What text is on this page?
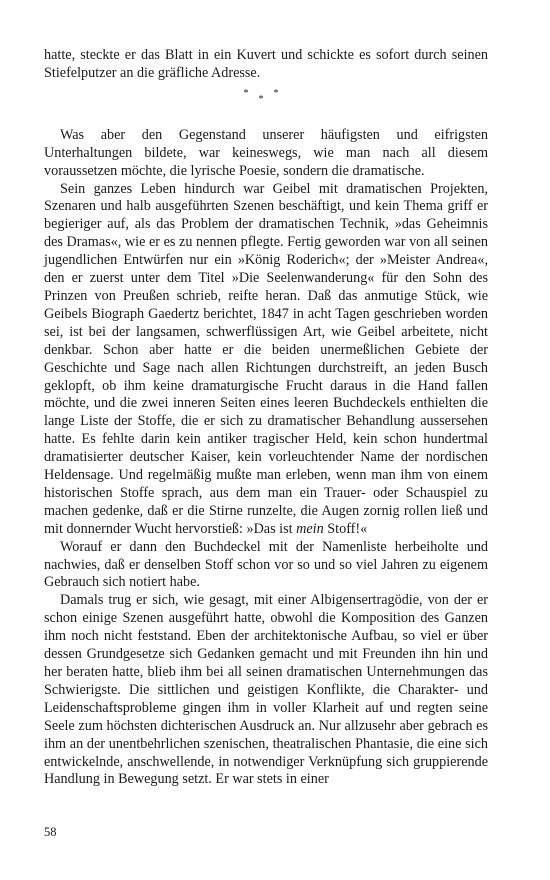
hatte, steckte er das Blatt in ein Kuvert und schickte es sofort durch seinen Stiefelputzer an die gräfliche Adresse.

***

Was aber den Gegenstand unserer häufigsten und eifrigsten Unterhaltungen bildete, war keineswegs, wie man nach all diesem voraussetzen möchte, die lyrische Poesie, sondern die dramatische.

Sein ganzes Leben hindurch war Geibel mit dramatischen Projekten, Szenaren und halb ausgeführten Szenen beschäftigt, und kein Thema griff er begieriger auf, als das Problem der dramatischen Technik, »das Geheimnis des Dramas«, wie er es zu nennen pflegte. Fertig geworden war von all seinen jugendlichen Entwürfen nur ein »König Roderich«; der »Meister Andrea«, den er zuerst unter dem Titel »Die Seelenwanderung« für den Sohn des Prinzen von Preußen schrieb, reifte heran. Daß das anmutige Stück, wie Geibels Biograph Gaedertz berichtet, 1847 in acht Tagen geschrieben worden sei, ist bei der langsamen, schwerflüssigen Art, wie Geibel arbeitete, nicht denkbar. Schon aber hatte er die beiden unermeßlichen Gebiete der Geschichte und Sage nach allen Richtungen durchstreift, an jeden Busch geklopft, ob ihm keine dramaturgische Frucht daraus in die Hand fallen möchte, und die zwei inneren Seiten eines leeren Buchdeckels enthielten die lange Liste der Stoffe, die er sich zu dramatischer Behandlung aussersehen hatte. Es fehlte darin kein antiker tragischer Held, kein schon hundertmal dramatisierter deutscher Kaiser, kein vorleuchtender Name der nordischen Heldensage. Und regelmäßig mußte man erleben, wenn man ihm von einem historischen Stoffe sprach, aus dem man ein Trauer- oder Schauspiel zu machen gedenke, daß er die Stirne runzelte, die Augen zornig rollen ließ und mit donnernder Wucht hervorstieß: »Das ist mein Stoff!«

Worauf er dann den Buchdeckel mit der Namenliste herbeiholte und nachwies, daß er denselben Stoff schon vor so und so viel Jahren zu eigenem Gebrauch sich notiert habe.

Damals trug er sich, wie gesagt, mit einer Albigensertragödie, von der er schon einige Szenen ausgeführt hatte, obwohl die Komposition des Ganzen ihm noch nicht feststand. Eben der architektonische Aufbau, so viel er über dessen Grundgesetze sich Gedanken gemacht und mit Freunden ihn hin und her beraten hatte, blieb ihm bei all seinen dramatischen Unternehmungen das Schwierigste. Die sittlichen und geistigen Konflikte, die Charakter- und Leidenschaftsprobleme gingen ihm in voller Klarheit auf und regten seine Seele zum höchsten dichterischen Ausdruck an. Nur allzusehr aber gebrach es ihm an der unentbehrlichen szenischen, theatralischen Phantasie, die eine sich entwickelnde, anschwellende, in notwendiger Verknüpfung sich gruppierende Handlung in Bewegung setzt. Er war stets in einer

58
